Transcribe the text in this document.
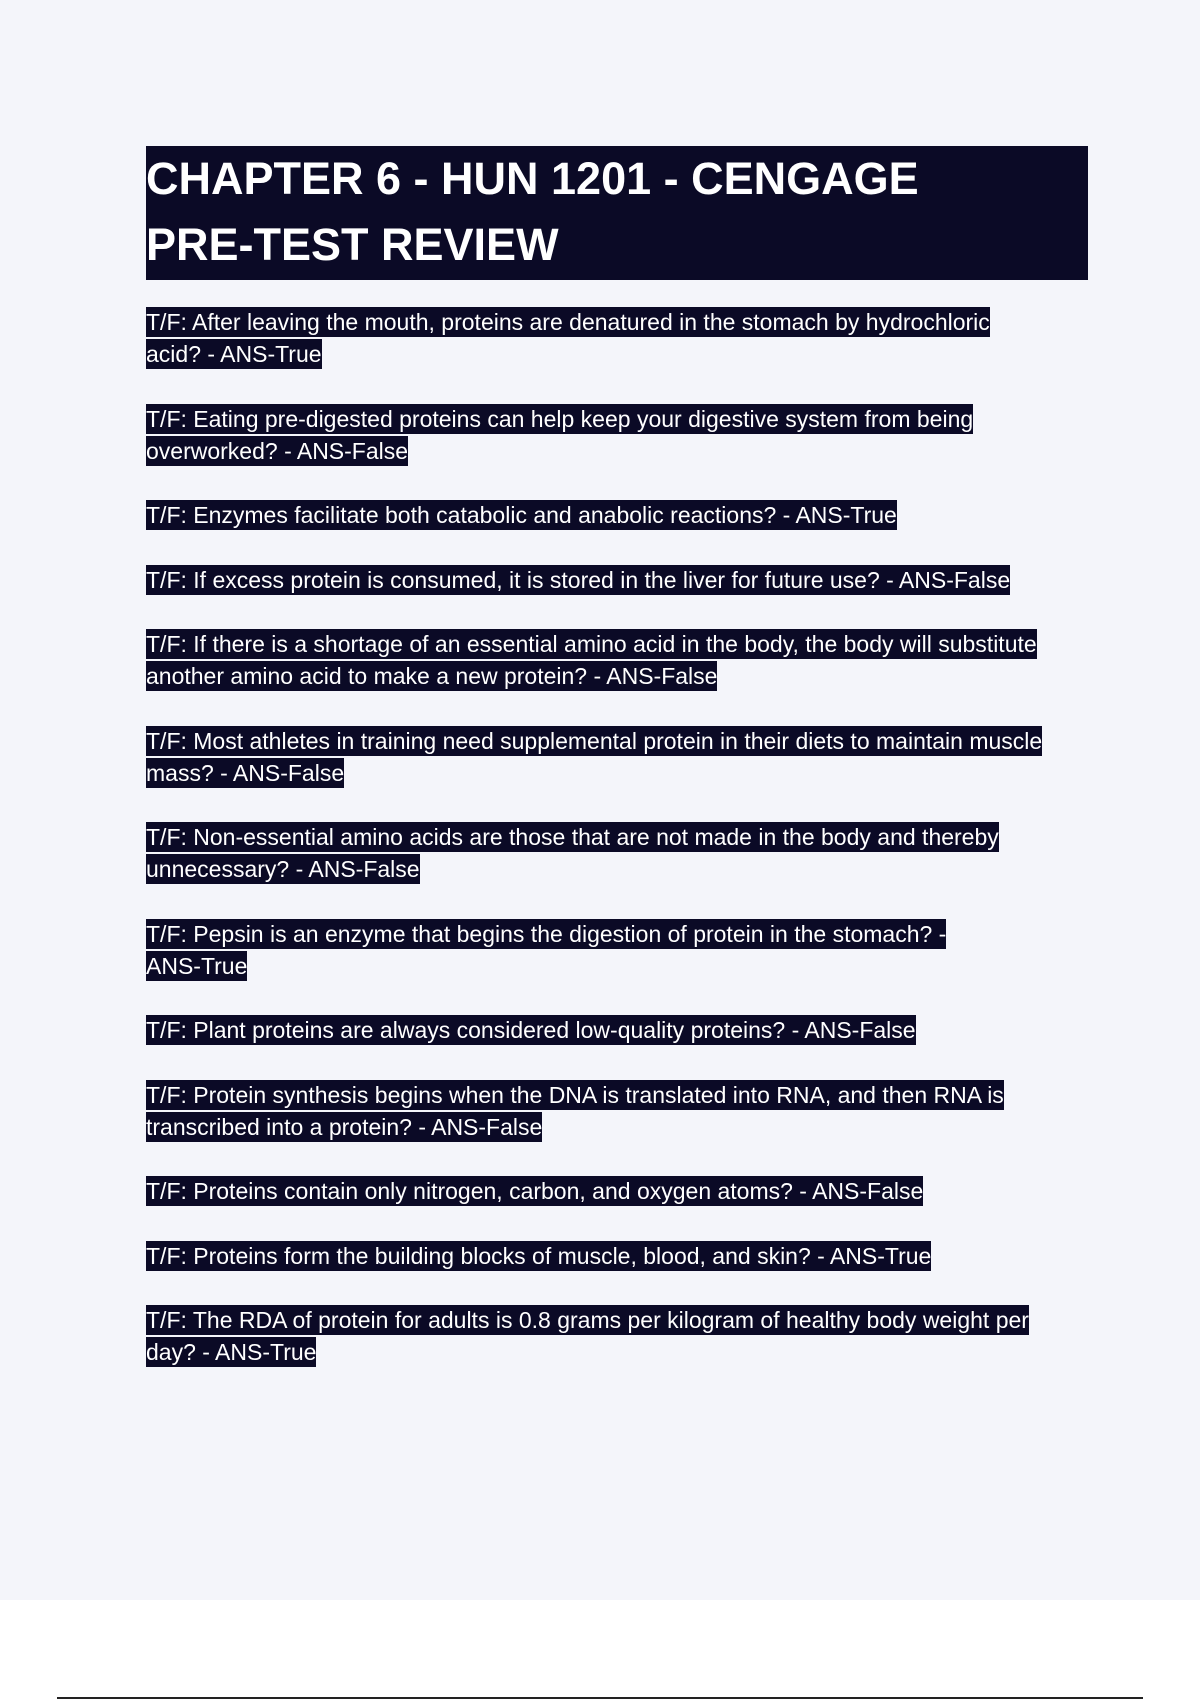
CHAPTER 6 - HUN 1201 - CENGAGE
PRE-TEST REVIEW

T/F: After leaving the mouth, proteins are denatured in the stomach by hydrochloric
acid? - ANS-True

T/F: Eating pre-digested proteins can help keep your digestive system from being
overworked? - ANS-False

T/F: Enzymes facilitate both catabolic and anabolic reactions? - ANS-True

T/F: If excess protein is consumed, it is stored in the liver for future use? - ANS-False

T/F: If there is a shortage of an essential amino acid in the body, the body will substitute
another amino acid to make a new protein? - ANS-False

T/F: Most athletes in training need supplemental protein in their diets to maintain muscle
mass? - ANS-False

T/F: Non-essential amino acids are those that are not made in the body and thereby
unnecessary? - ANS-False

T/F: Pepsin is an enzyme that begins the digestion of protein in the stomach? -
ANS-True

T/F: Plant proteins are always considered low-quality proteins? - ANS-False

T/F: Protein synthesis begins when the DNA is translated into RNA, and then RNA is
transcribed into a protein? - ANS-False

T/F: Proteins contain only nitrogen, carbon, and oxygen atoms? - ANS-False

T/F: Proteins form the building blocks of muscle, blood, and skin? - ANS-True

T/F: The RDA of protein for adults is 0.8 grams per kilogram of healthy body weight per
day? - ANS-True
